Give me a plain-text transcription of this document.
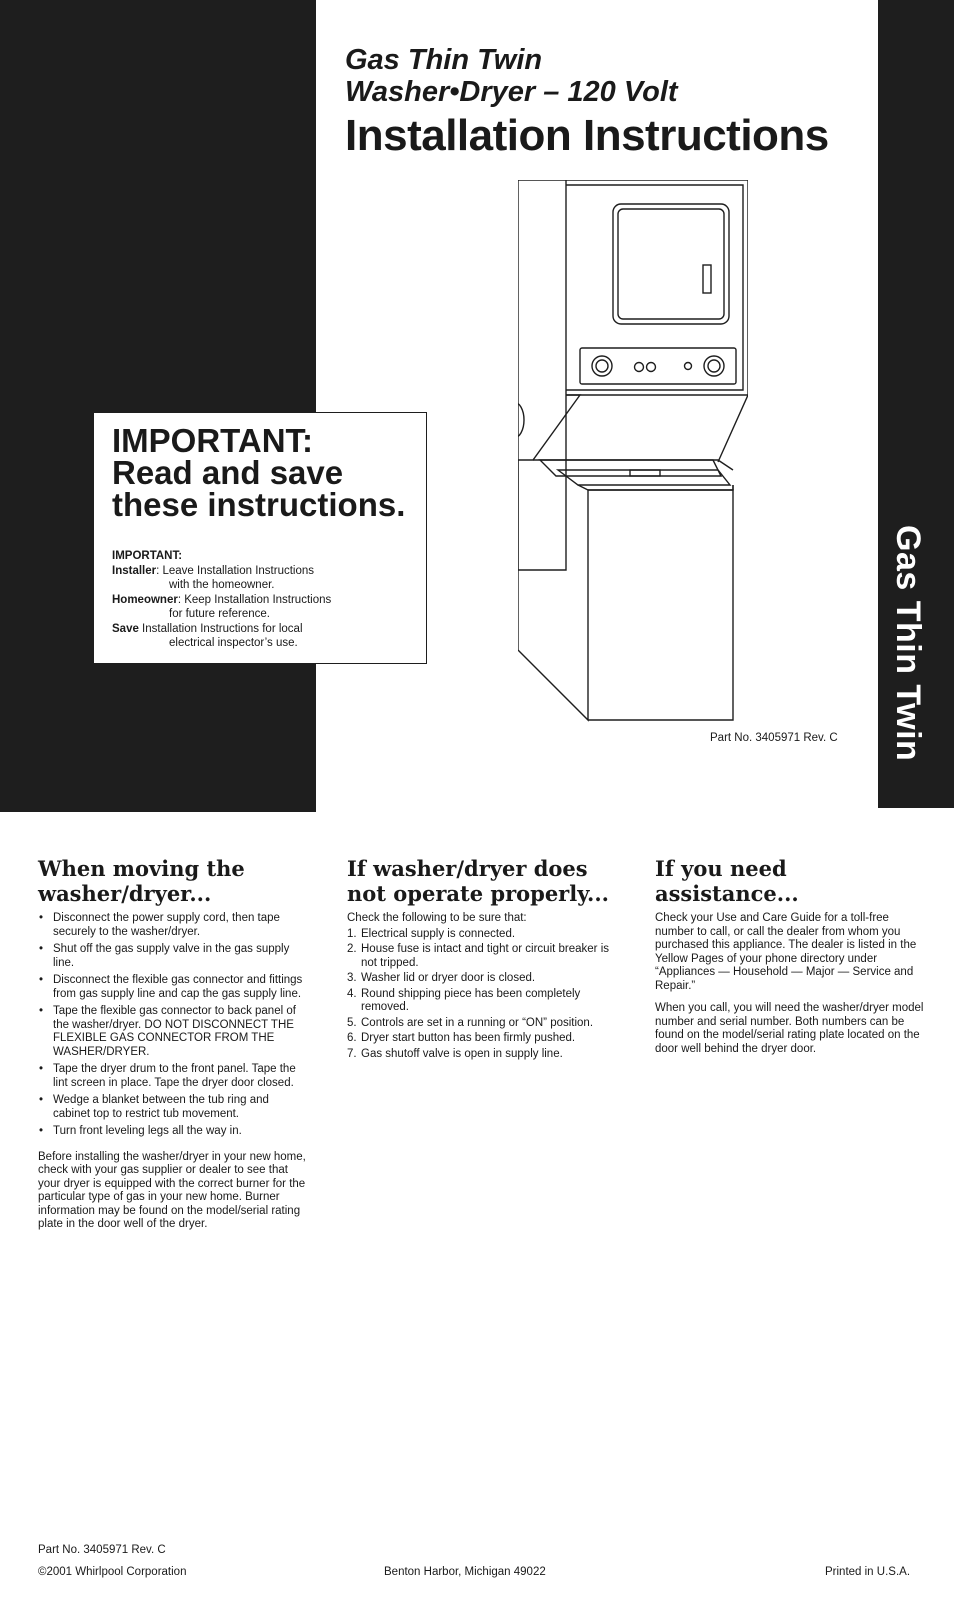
Gas Thin Twin
Gas Thin Twin
Washer•Dryer – 120 Volt
Installation Instructions
IMPORTANT:
Read and save
these instructions.
IMPORTANT:
Installer: Leave Installation Instructions
with the homeowner.
Homeowner: Keep Installation Instructions
for future reference.
Save Installation Instructions for local
electrical inspector’s use.
Part No. 3405971 Rev. C
When moving the washer/dryer...
• Disconnect the power supply cord, then tape securely to the washer/dryer.
• Shut off the gas supply valve in the gas supply line.
• Disconnect the flexible gas connector and fittings from gas supply line and cap the gas supply line.
• Tape the flexible gas connector to back panel of the washer/dryer. DO NOT DISCONNECT THE FLEXIBLE GAS CONNECTOR FROM THE WASHER/DRYER.
• Tape the dryer drum to the front panel. Tape the lint screen in place. Tape the dryer door closed.
• Wedge a blanket between the tub ring and cabinet top to restrict tub movement.
• Turn front leveling legs all the way in.

Before installing the washer/dryer in your new home, check with your gas supplier or dealer to see that your dryer is equipped with the correct burner for the particular type of gas in your new home. Burner information may be found on the model/serial rating plate in the door well of the dryer.

If washer/dryer does not operate properly...

Check the following to be sure that:

1. Electrical supply is connected.
2. House fuse is intact and tight or circuit breaker is not tripped.
3. Washer lid or dryer door is closed.
4. Round shipping piece has been completely removed.
5. Controls are set in a running or “ON” position.
6. Dryer start button has been firmly pushed.
7. Gas shutoff valve is open in supply line.
If you need assistance...

Check your Use and Care Guide for a toll-free number to call, or call the dealer from whom you purchased this appliance. The dealer is listed in the Yellow Pages of your phone directory under “Appliances — Household — Major — Service and Repair.”

When you call, you will need the washer/dryer model number and serial number. Both numbers can be found on the model/serial rating plate located on the door well behind the dryer door.

Part No. 3405971 Rev. C
©2001 Whirlpool Corporation	Benton Harbor, Michigan 49022	Printed in U.S.A.
